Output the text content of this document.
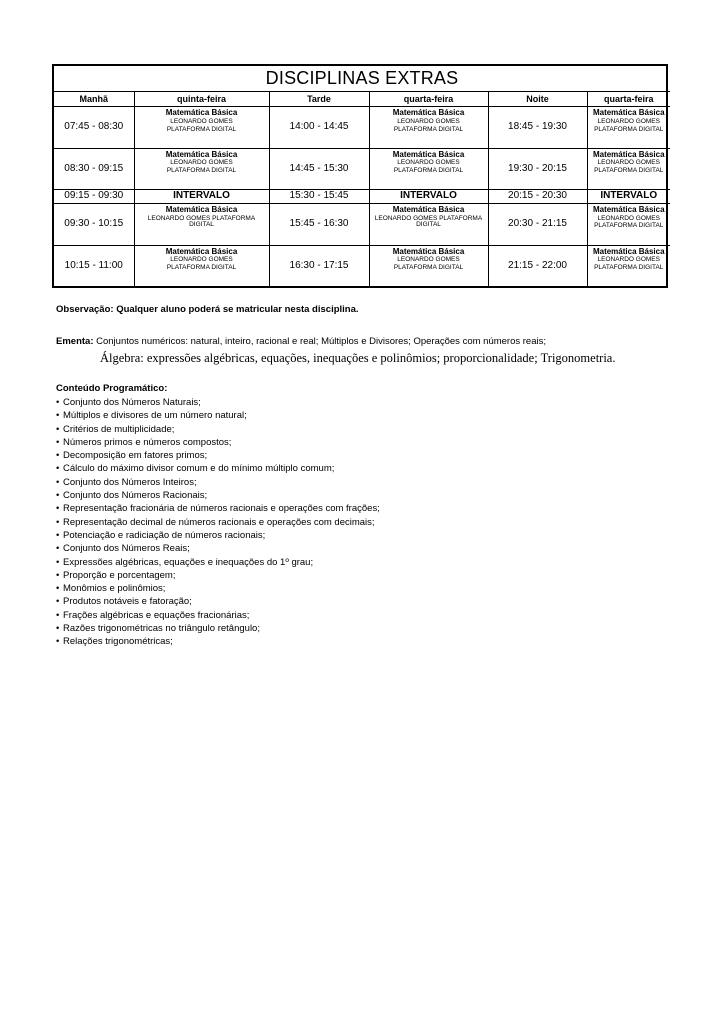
DISCIPLINAS EXTRAS					
Manhã	quinta-feira	Tarde	quarta-feira	Noite	quarta-feira
07:45 - 08:30	Matemática Básica
LEONARDO GOMES
PLATAFORMA DIGITAL	14:00 - 14:45	Matemática Básica
LEONARDO GOMES
PLATAFORMA DIGITAL	18:45 - 19:30	Matemática Básica
LEONARDO GOMES
PLATAFORMA DIGITAL

08:30 - 09:15	Matemática Básica
LEONARDO GOMES
PLATAFORMA DIGITAL	14:45 - 15:30	Matemática Básica
LEONARDO GOMES
PLATAFORMA DIGITAL	19:30 - 20:15	Matemática Básica
LEONARDO GOMES
PLATAFORMA DIGITAL

09:15 - 09:30	INTERVALO	15:30 - 15:45	INTERVALO	20:15 - 20:30	INTERVALO
09:30 - 10:15	Matemática Básica
LEONARDO GOMES PLATAFORMA DIGITAL	15:45 - 16:30	Matemática Básica
LEONARDO GOMES PLATAFORMA DIGITAL	20:30 - 21:15	Matemática Básica
LEONARDO GOMES
PLATAFORMA DIGITAL

10:15 - 11:00	Matemática Básica
LEONARDO GOMES
PLATAFORMA DIGITAL	16:30 - 17:15	Matemática Básica
LEONARDO GOMES
PLATAFORMA DIGITAL	21:15 - 22:00	Matemática Básica
LEONARDO GOMES
PLATAFORMA DIGITAL
Observação: Qualquer aluno poderá se matricular nesta disciplina.
Ementa: Conjuntos numéricos: natural, inteiro, racional e real; Múltiplos e Divisores; Operações com números reais;
Álgebra: expressões algébricas, equações, inequações e polinômios; proporcionalidade; Trigonometria.
Conteúdo Programático:
• Conjunto dos Números Naturais;
• Múltiplos e divisores de um número natural;
• Critérios de multiplicidade;
• Números primos e números compostos;
• Decomposição em fatores primos;
• Cálculo do máximo divisor comum e do mínimo múltiplo comum;
• Conjunto dos Números Inteiros;
• Conjunto dos Números Racionais;
• Representação fracionária de números racionais e operações com frações;
• Representação decimal de números racionais e operações com decimais;
• Potenciação e radiciação de números racionais;
• Conjunto dos Números Reais;
• Expressões algébricas, equações e inequações do 1º grau;
• Proporção e porcentagem;
• Monômios e polinômios;
• Produtos notáveis e fatoração;
• Frações algébricas e equações fracionárias;
• Razões trigonométricas no triângulo retângulo;
• Relações trigonométricas;
